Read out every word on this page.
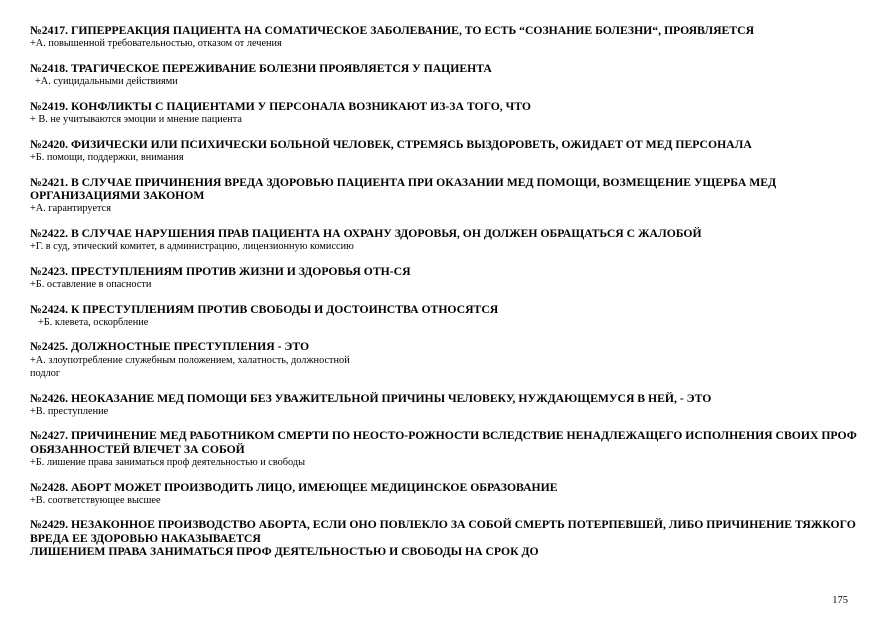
№2417. ГИПЕРРЕАКЦИЯ ПАЦИЕНТА НА СОМАТИЧЕСКОЕ ЗАБОЛЕВАНИЕ, ТО ЕСТЬ “СОЗНАНИЕ БОЛЕЗНИ“, ПРОЯВЛЯЕТСЯ
+А. повышенной требовательностью, отказом от лечения
№2418. ТРАГИЧЕСКОЕ ПЕРЕЖИВАНИЕ БОЛЕЗНИ ПРОЯВЛЯЕТСЯ У ПАЦИЕНТА
+А. суицидальными действиями
№2419. КОНФЛИКТЫ С ПАЦИЕНТАМИ У ПЕРСОНАЛА ВОЗНИКАЮТ ИЗ-ЗА ТОГО, ЧТО
+ В. не учитываются эмоции и мнение пациента
№2420. ФИЗИЧЕСКИ ИЛИ ПСИХИЧЕСКИ БОЛЬНОЙ ЧЕЛОВЕК, СТРЕМЯСЬ ВЫЗДОРОВЕТЬ, ОЖИДАЕТ ОТ МЕД ПЕРСОНАЛА
+Б. помощи, поддержки, внимания
№2421. В СЛУЧАЕ ПРИЧИНЕНИЯ ВРЕДА ЗДОРОВЬЮ ПАЦИЕНТА ПРИ ОКАЗАНИИ МЕД ПОМОЩИ, ВОЗМЕЩЕНИЕ УЩЕРБА МЕД ОРГАНИЗАЦИЯМИ ЗАКОНОМ
+А. гарантируется
№2422. В СЛУЧАЕ НАРУШЕНИЯ ПРАВ ПАЦИЕНТА НА ОХРАНУ ЗДОРОВЬЯ, ОН ДОЛЖЕН ОБРАЩАТЬСЯ С ЖАЛОБОЙ
+Г. в суд, этический комитет, в администрацию, лицензионную комиссию
№2423. ПРЕСТУПЛЕНИЯМ ПРОТИВ ЖИЗНИ И ЗДОРОВЬЯ ОТН-СЯ
+Б. оставление в опасности
№2424. К ПРЕСТУПЛЕНИЯМ ПРОТИВ СВОБОДЫ И ДОСТОИНСТВА ОТНОСЯТСЯ
+Б. клевета, оскорбление
№2425. ДОЛЖНОСТНЫЕ ПРЕСТУПЛЕНИЯ - ЭТО
+А. злоупотребление служебным положением, халатность, должностной
подлог
№2426. НЕОКАЗАНИЕ МЕД ПОМОЩИ БЕЗ УВАЖИТЕЛЬНОЙ ПРИЧИНЫ ЧЕЛОВЕКУ, НУЖДАЮЩЕМУСЯ В НЕЙ, - ЭТО
+В. преступление
№2427. ПРИЧИНЕНИЕ МЕД РАБОТНИКОМ СМЕРТИ ПО НЕОСТО-РОЖНОСТИ ВСЛЕДСТВИЕ НЕНАДЛЕЖАЩЕГО ИСПОЛНЕНИЯ СВОИХ ПРОФ ОБЯЗАННОСТЕЙ ВЛЕЧЕТ ЗА СОБОЙ
+Б. лишение права заниматься проф деятельностью и свободы
№2428. АБОРТ МОЖЕТ ПРОИЗВОДИТЬ ЛИЦО, ИМЕЮЩЕЕ МЕДИЦИНСКОЕ ОБРАЗОВАНИЕ
+В. соответствующее высшее
№2429. НЕЗАКОННОЕ ПРОИЗВОДСТВО АБОРТА, ЕСЛИ ОНО ПОВЛЕКЛО ЗА СОБОЙ СМЕРТЬ ПОТЕРПЕВШЕЙ, ЛИБО ПРИЧИНЕНИЕ ТЯЖКОГО ВРЕДА ЕЕ ЗДОРОВЬЮ НАКАЗЫВАЕТСЯ
ЛИШЕНИЕМ ПРАВА ЗАНИМАТЬСЯ ПРОФ ДЕЯТЕЛЬНОСТЬЮ И СВОБОДЫ НА СРОК ДО
175
